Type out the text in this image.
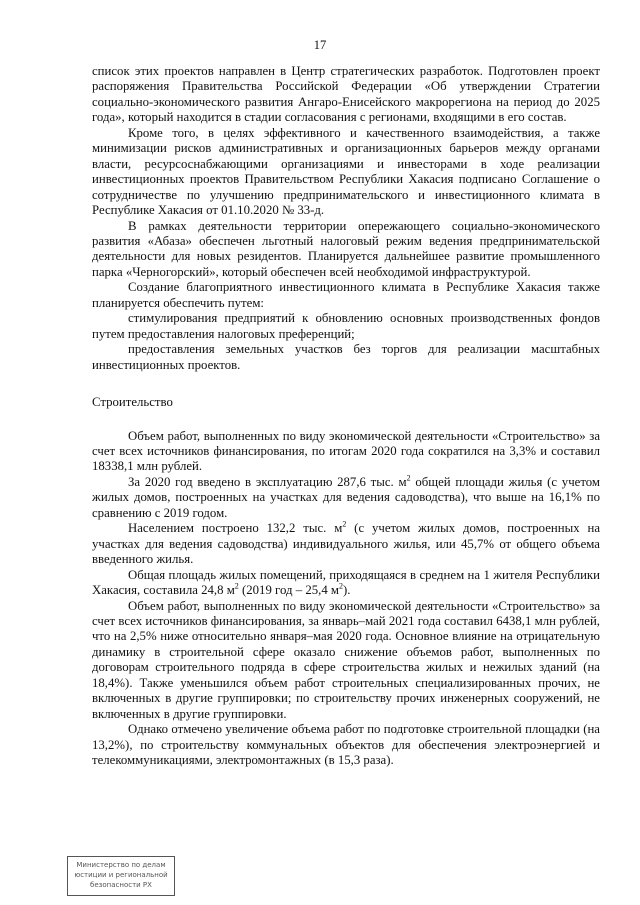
17

список этих проектов направлен в Центр стратегических разработок. Подготовлен проект распоряжения Правительства Российской Федерации «Об утверждении Стратегии социально-экономического развития Ангаро-Енисейского макрорегиона на период до 2025 года», который находится в стадии согласования с регионами, входящими в его состав.

Кроме того, в целях эффективного и качественного взаимодействия, а также минимизации рисков административных и организационных барьеров между органами власти, ресурсоснабжающими организациями и инвесторами в ходе реализации инвестиционных проектов Правительством Республики Хакасия подписано Соглашение о сотрудничестве по улучшению предпринимательского и инвестиционного климата в Республике Хакасия от 01.10.2020 № 33-д.

В рамках деятельности территории опережающего социально-экономического развития «Абаза» обеспечен льготный налоговый режим ведения предпринимательской деятельности для новых резидентов. Планируется дальнейшее развитие промышленного парка «Черногорский», который обеспечен всей необходимой инфраструктурой.

Создание благоприятного инвестиционного климата в Республике Хакасия также планируется обеспечить путем:

стимулирования предприятий к обновлению основных производственных фондов путем предоставления налоговых преференций;

предоставления земельных участков без торгов для реализации масштабных инвестиционных проектов.

Строительство

Объем работ, выполненных по виду экономической деятельности «Строительство» за счет всех источников финансирования, по итогам 2020 года сократился на 3,3% и составил 18338,1 млн рублей.

За 2020 год введено в эксплуатацию 287,6 тыс. $м^2$ общей площади жилья (с учетом жилых домов, построенных на участках для ведения садоводства), что выше на 16,1% по сравнению с 2019 годом.

Населением построено 132,2 тыс. $м^2$ (с учетом жилых домов, построенных на участках для ведения садоводства) индивидуального жилья, или 45,7% от общего объема введенного жилья.

Общая площадь жилых помещений, приходящаяся в среднем на 1 жителя Республики Хакасия, составила 24,8 $м^2$ (2019 год – 25,4 $м^2$).

Объем работ, выполненных по виду экономической деятельности «Строительство» за счет всех источников финансирования, за январь–май 2021 года составил 6438,1 млн рублей, что на 2,5% ниже относительно января–мая 2020 года. Основное влияние на отрицательную динамику в строительной сфере оказало снижение объемов работ, выполненных по договорам строительного подряда в сфере строительства жилых и нежилых зданий (на 18,4%). Также уменьшился объем работ строительных специализированных прочих, не включенных в другие группировки; по строительству прочих инженерных сооружений, не включенных в другие группировки.

Однако отмечено увеличение объема работ по подготовке строительной площадки (на 13,2%), по строительству коммунальных объектов для обеспечения электроэнергией и телекоммуникациями, электромонтажных (в 15,3 раза).

Министерство по делам
юстиции и региональной
безопасности РХ
